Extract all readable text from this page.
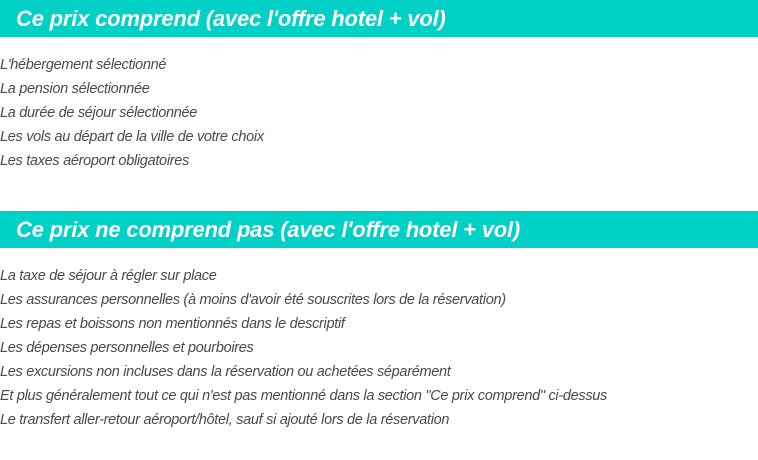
Ce prix comprend (avec l'offre hotel + vol)
L'hébergement sélectionné
La pension sélectionnée
La durée de séjour sélectionnée
Les vols au départ de la ville de votre choix
Les taxes aéroport obligatoires
Ce prix ne comprend pas (avec l'offre hotel + vol)
La taxe de séjour à régler sur place
Les assurances personnelles (à moins d'avoir été souscrites lors de la réservation)
Les repas et boissons non mentionnés dans le descriptif
Les dépenses personnelles et pourboires
Les excursions non incluses dans la réservation ou achetées séparément
Et plus généralement tout ce qui n'est pas mentionné dans la section "Ce prix comprend" ci-dessus
Le transfert aller-retour aéroport/hôtel, sauf si ajouté lors de la réservation
